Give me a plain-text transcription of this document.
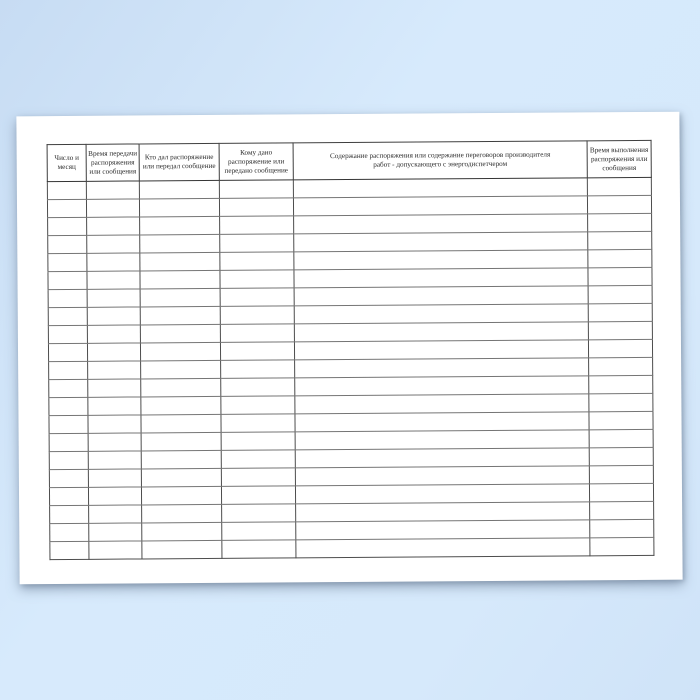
Число и месяц	Время передачи распоряжения или сообщения	Кто дал распоряжение или передал сообщение	Кому дано распоряжение или передано сообщение	Содержание распоряжения или содержание переговоров производителя работ - допускающего с энергодиспетчером	Время выполнения распоряжения или сообщения
